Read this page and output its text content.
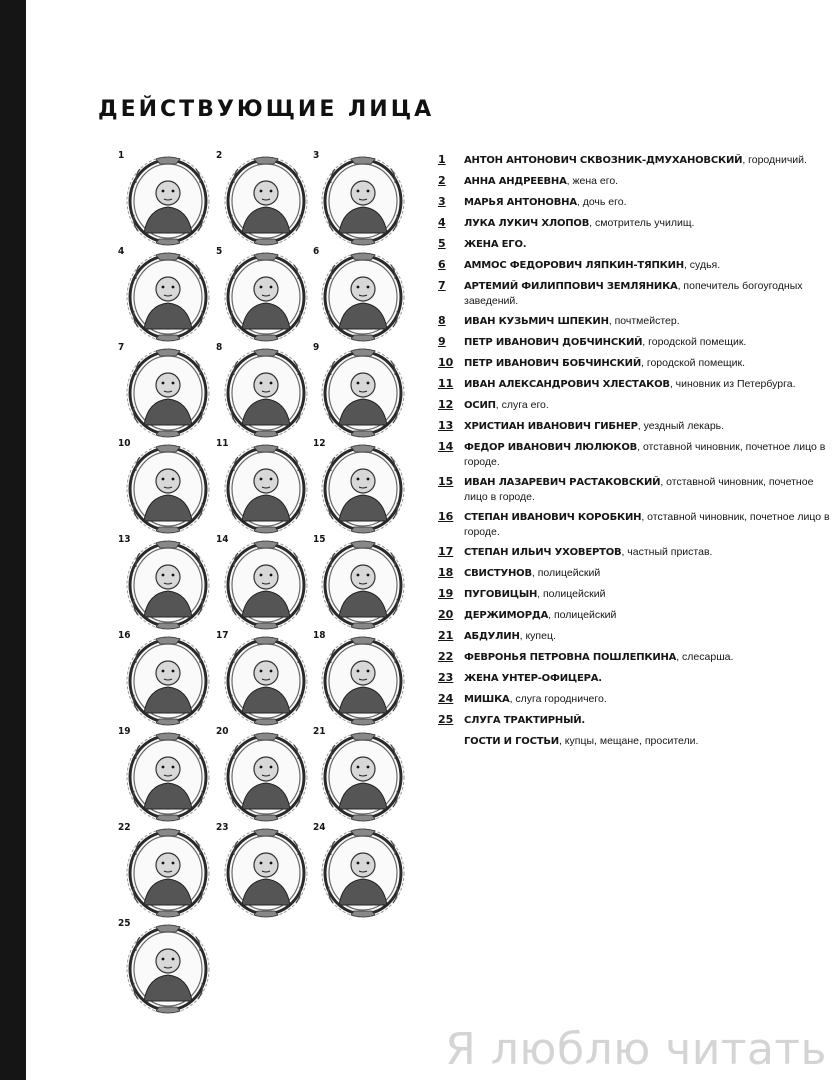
ДЕЙСТВУЮЩИЕ ЛИЦА
1	2	3
4	5	6
7	8	9
10	11	12
13	14	15
16	17	18
19	20	21
22	23	24
25
1	АНТОН АНТОНОВИЧ СКВОЗНИК-ДМУХАНОВСКИЙ, городничий.
2	АННА АНДРЕЕВНА, жена его.
3	МАРЬЯ АНТОНОВНА, дочь его.
4	ЛУКА ЛУКИЧ ХЛОПОВ, смотритель училищ.
5	ЖЕНА ЕГО.
6	АММОС ФЕДОРОВИЧ ЛЯПКИН-ТЯПКИН, судья.
7	АРТЕМИЙ ФИЛИППОВИЧ ЗЕМЛЯНИКА, попечитель богоугодных заведений.
8	ИВАН КУЗЬМИЧ ШПЕКИН, почтмейстер.
9	ПЕТР ИВАНОВИЧ ДОБЧИНСКИЙ, городской помещик.
10	ПЕТР ИВАНОВИЧ БОБЧИНСКИЙ, городской помещик.
11	ИВАН АЛЕКСАНДРОВИЧ ХЛЕСТАКОВ, чиновник из Петербурга.
12	ОСИП, слуга его.
13	ХРИСТИАН ИВАНОВИЧ ГИБНЕР, уездный лекарь.
14	ФЕДОР ИВАНОВИЧ ЛЮЛЮКОВ, отставной чиновник, почетное лицо в городе.
15	ИВАН ЛАЗАРЕВИЧ РАСТАКОВСКИЙ, отставной чиновник, почетное лицо в городе.
16	СТЕПАН ИВАНОВИЧ КОРОБКИН, отставной чиновник, почетное лицо в городе.
17	СТЕПАН ИЛЬИЧ УХОВЕРТОВ, частный пристав.
18	СВИСТУНОВ, полицейский
19	ПУГОВИЦЫН, полицейский
20	ДЕРЖИМОРДА, полицейский
21	АБДУЛИН, купец.
22	ФЕВРОНЬЯ ПЕТРОВНА ПОШЛЕПКИНА, слесарша.
23	ЖЕНА УНТЕР-ОФИЦЕРА.
24	МИШКА, слуга городничего.
25	СЛУГА ТРАКТИРНЫЙ.
ГОСТИ И ГОСТЬИ, купцы, мещане, просители.
Я люблю читать
